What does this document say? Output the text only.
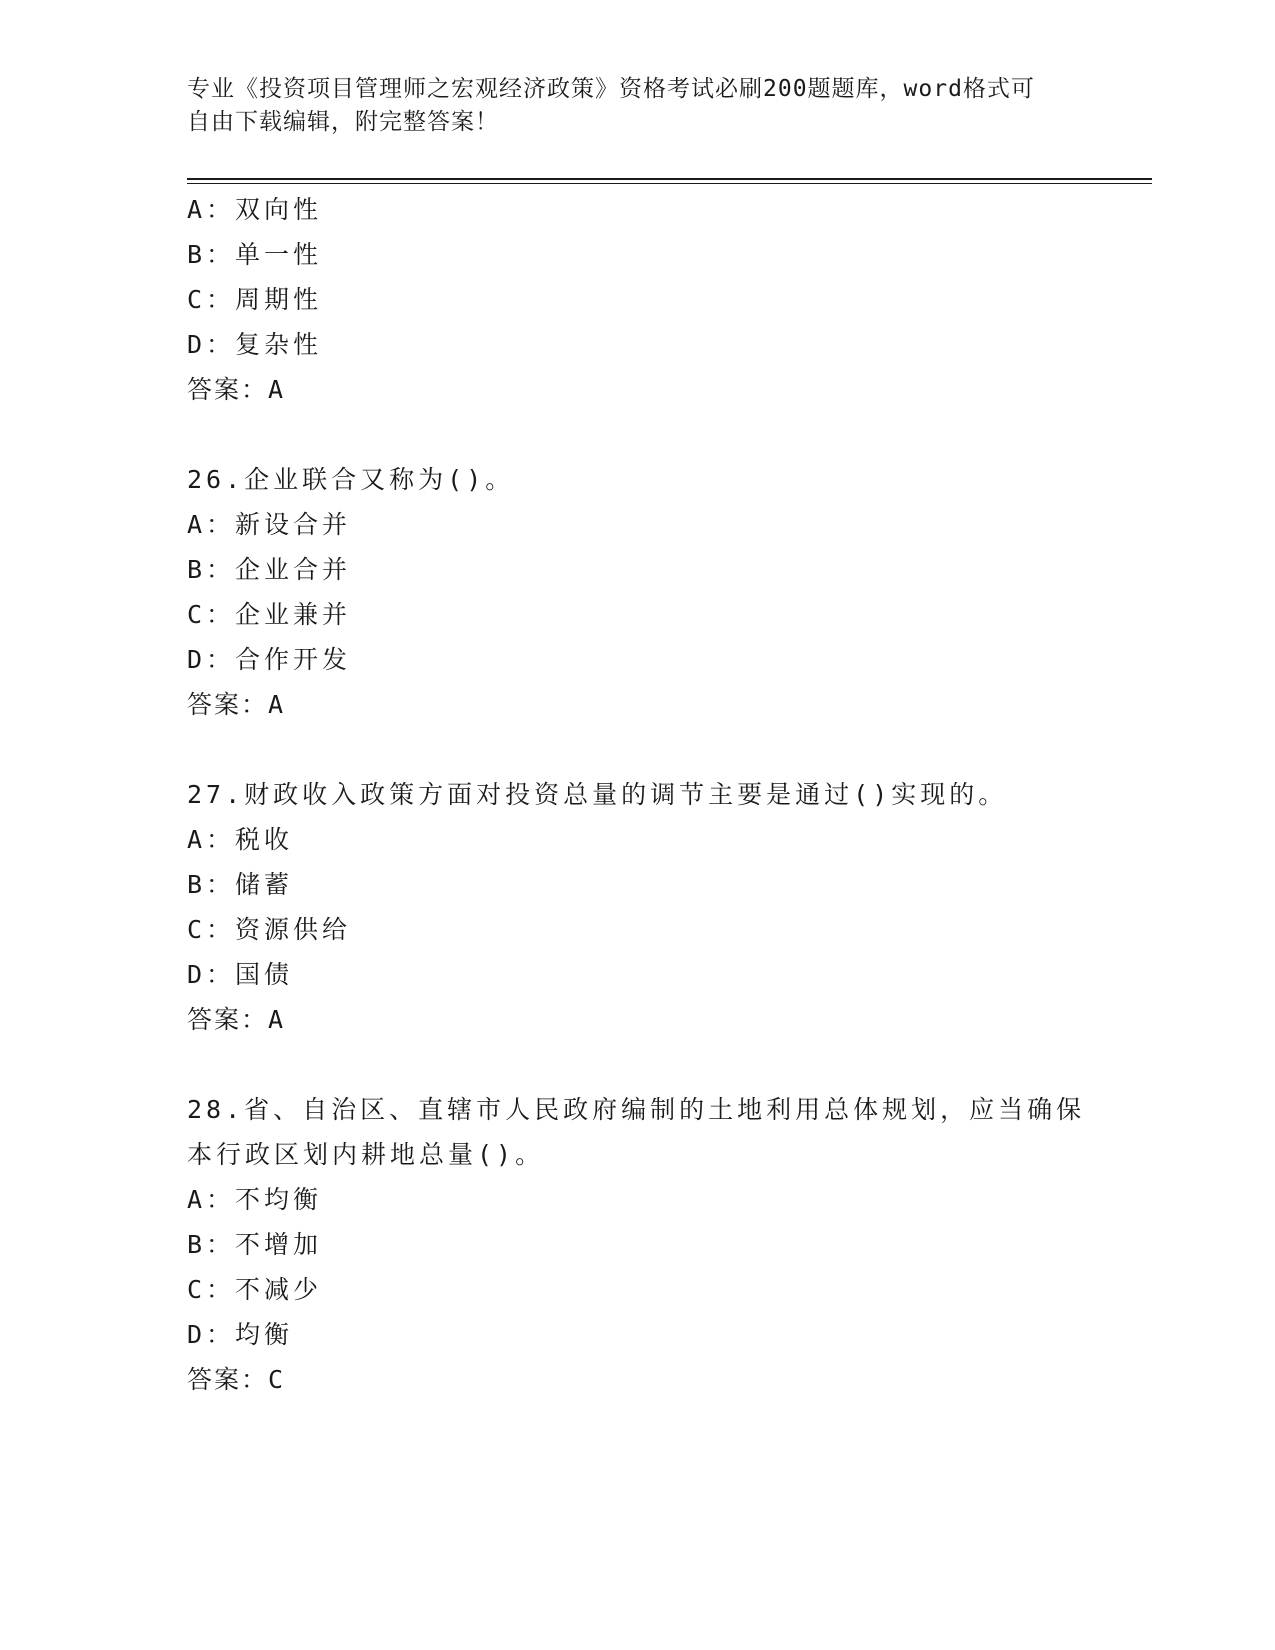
专业《投资项目管理师之宏观经济政策》资格考试必刷200题题库，word格式可
自由下载编辑，附完整答案！
A：双向性
B：单一性
C：周期性
D：复杂性
答案：A
26.企业联合又称为()。
A：新设合并
B：企业合并
C：企业兼并
D：合作开发
答案：A
27.财政收入政策方面对投资总量的调节主要是通过()实现的。
A：税收
B：储蓄
C：资源供给
D：国债
答案：A
28.省、自治区、直辖市人民政府编制的土地利用总体规划，应当确保
本行政区划内耕地总量()。
A：不均衡
B：不增加
C：不减少
D：均衡
答案：C
